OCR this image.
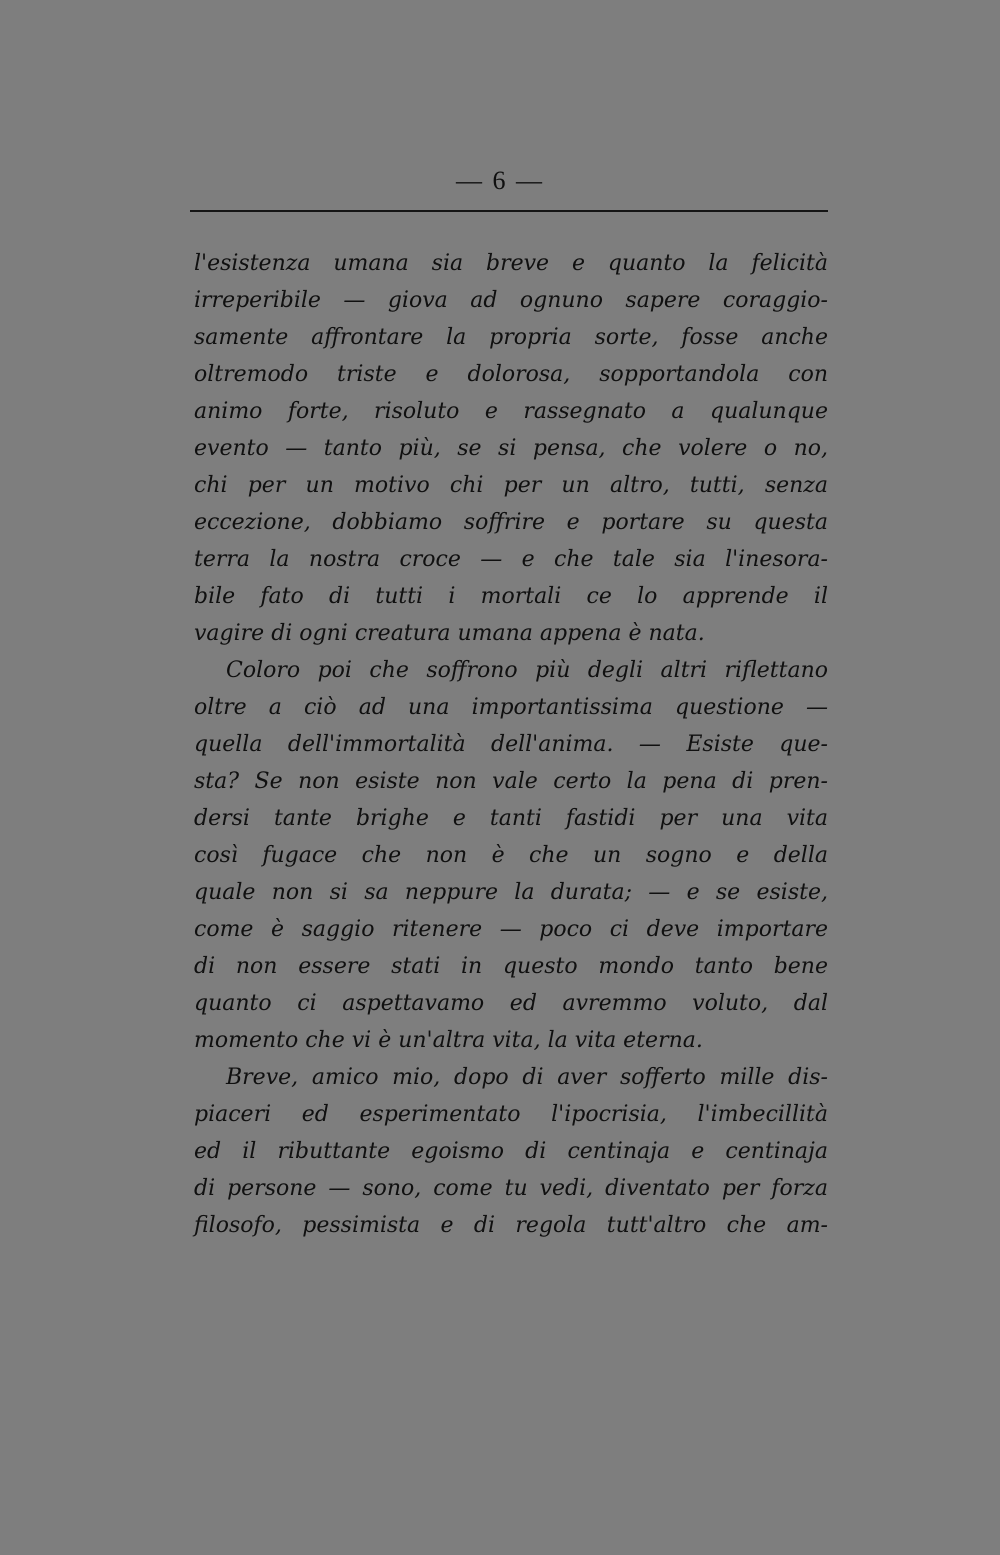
— 6 —
l'esistenza umana sia breve e quanto la felicità
irreperibile — giova ad ognuno sapere coraggio-
samente affrontare la propria sorte, fosse anche
oltremodo triste e dolorosa, sopportandola con
animo forte, risoluto e rassegnato a qualunque
evento — tanto più, se si pensa, che volere o no,
chi per un motivo chi per un altro, tutti, senza
eccezione, dobbiamo soffrire e portare su questa
terra la nostra croce — e che tale sia l'inesora-
bile fato di tutti i mortali ce lo apprende il
vagire di ogni creatura umana appena è nata.
Coloro poi che soffrono più degli altri riflettano
oltre a ciò ad una importantissima questione —
quella dell'immortalità dell'anima. — Esiste que-
sta? Se non esiste non vale certo la pena di pren-
dersi tante brighe e tanti fastidi per una vita
così fugace che non è che un sogno e della
quale non si sa neppure la durata; — e se esiste,
come è saggio ritenere — poco ci deve importare
di non essere stati in questo mondo tanto bene
quanto ci aspettavamo ed avremmo voluto, dal
momento che vi è un'altra vita, la vita eterna.
Breve, amico mio, dopo di aver sofferto mille dis-
piaceri ed esperimentato l'ipocrisia, l'imbecillità
ed il ributtante egoismo di centinaja e centinaja
di persone — sono, come tu vedi, diventato per forza
filosofo, pessimista e di regola tutt'altro che am-
